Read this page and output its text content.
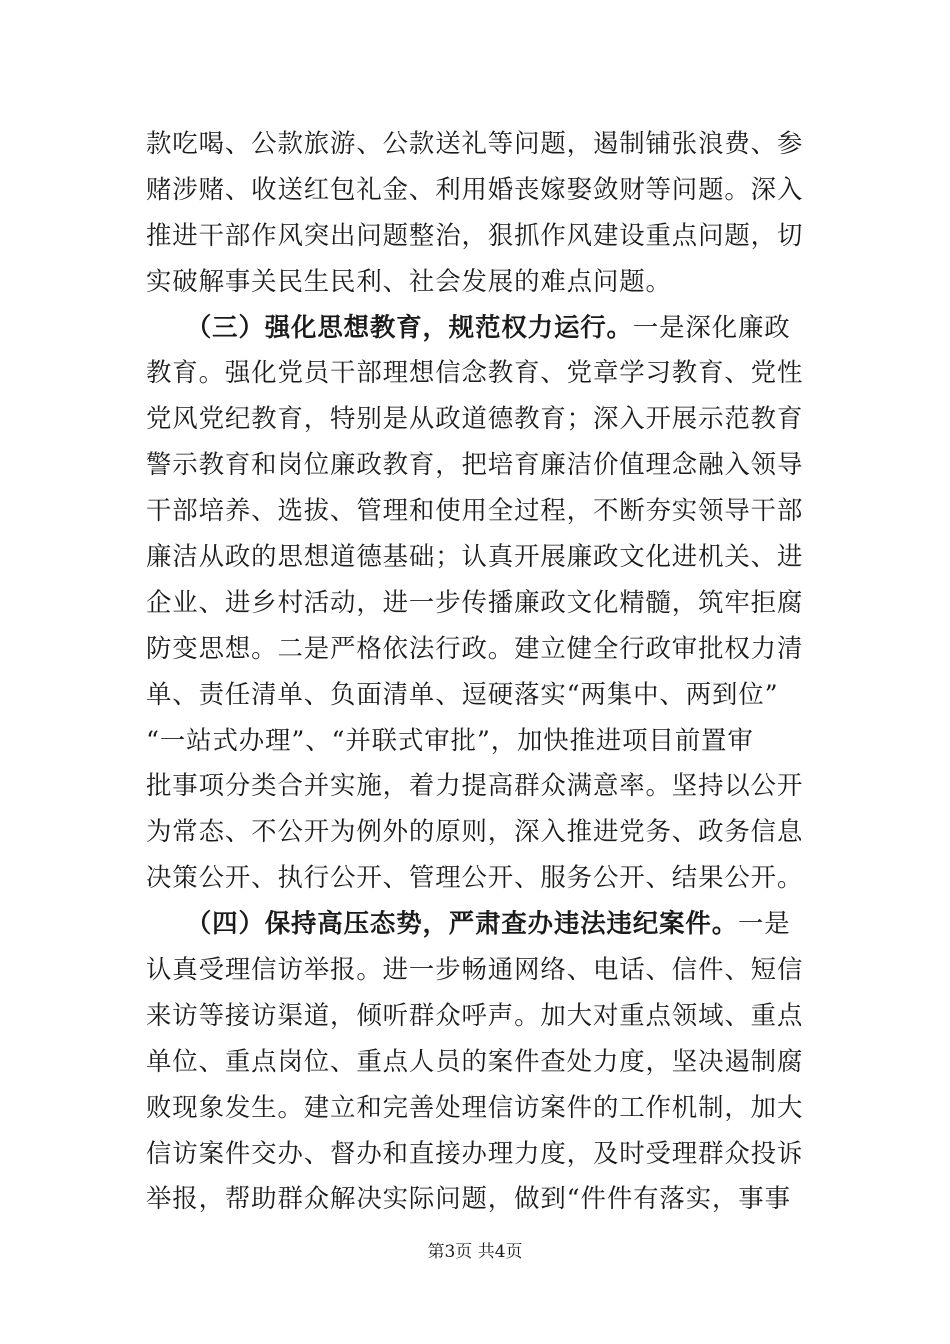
款吃喝、公款旅游、公款送礼等问题，遏制铺张浪费、参
赌涉赌、收送红包礼金、利用婚丧嫁娶敛财等问题。深入
推进干部作风突出问题整治，狠抓作风建设重点问题，切
实破解事关民生民利、社会发展的难点问题。
　　（三）强化思想教育，规范权力运行。一是深化廉政
教育。强化党员干部理想信念教育、党章学习教育、党性
党风党纪教育，特别是从政道德教育；深入开展示范教育
警示教育和岗位廉政教育，把培育廉洁价值理念融入领导
干部培养、选拔、管理和使用全过程，不断夯实领导干部
廉洁从政的思想道德基础；认真开展廉政文化进机关、进
企业、进乡村活动，进一步传播廉政文化精髓，筑牢拒腐
防变思想。二是严格依法行政。建立健全行政审批权力清
单、责任清单、负面清单、逗硬落实“两集中、两到位”
“一站式办理”、“并联式审批”，加快推进项目前置审
批事项分类合并实施，着力提高群众满意率。坚持以公开
为常态、不公开为例外的原则，深入推进党务、政务信息
决策公开、执行公开、管理公开、服务公开、结果公开。
　　（四）保持高压态势，严肃查办违法违纪案件。一是
认真受理信访举报。进一步畅通网络、电话、信件、短信
来访等接访渠道，倾听群众呼声。加大对重点领域、重点
单位、重点岗位、重点人员的案件查处力度，坚决遏制腐
败现象发生。建立和完善处理信访案件的工作机制，加大
信访案件交办、督办和直接办理力度，及时受理群众投诉
举报，帮助群众解决实际问题，做到“件件有落实，事事
第3页 共4页
